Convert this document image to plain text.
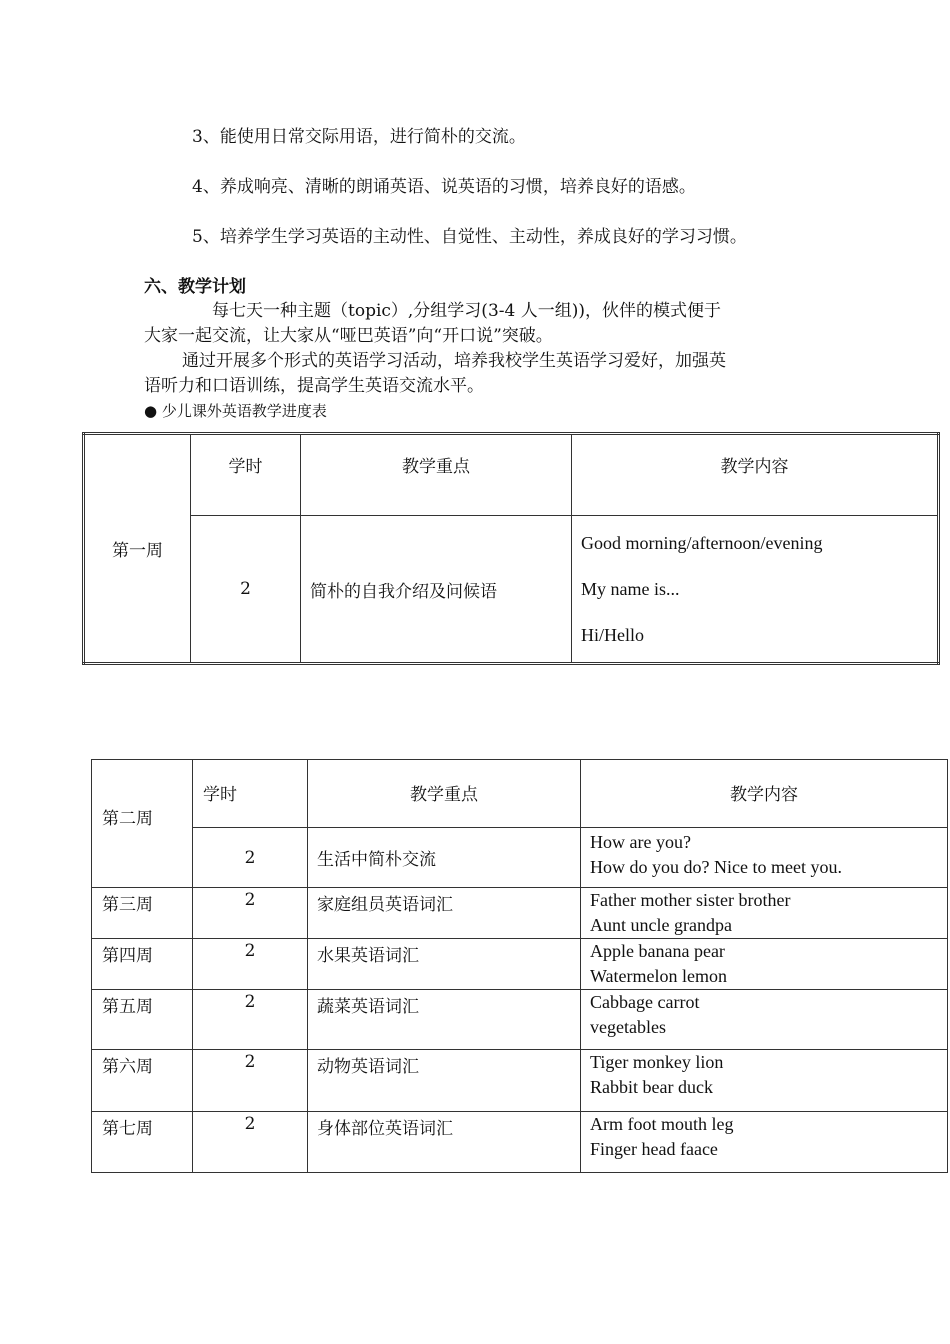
3、能使用日常交际用语，进行简朴的交流。
4、养成响亮、清晰的朗诵英语、说英语的习惯，培养良好的语感。
5、培养学生学习英语的主动性、自觉性、主动性，养成良好的学习习惯。
六、教学计划
每七天一种主题（topic）,分组学习(3-4 人一组))，伙伴的模式便于
大家一起交流，让大家从“哑巴英语”向“开口说”突破。
通过开展多个形式的英语学习活动，培养我校学生英语学习爱好，加强英
语听力和口语训练，提高学生英语交流水平。
● 少儿课外英语教学进度表
第一周	学时	教学重点	教学内容
	2	简朴的自我介绍及问候语	Good morning/afternoon/evening
My name is...
Hi/Hello
第二周	学时	教学重点	教学内容
	2	生活中简朴交流	How are you?
How do you do? Nice to meet you.

第三周	2	家庭组员英语词汇	Father mother sister brother
Aunt uncle grandpa

第四周	2	水果英语词汇	Apple banana pear
Watermelon lemon

第五周	2	蔬菜英语词汇	Cabbage carrot
vegetables

第六周	2	动物英语词汇	Tiger monkey lion
Rabbit bear duck

第七周	2	身体部位英语词汇	Arm foot mouth leg
Finger head faace
